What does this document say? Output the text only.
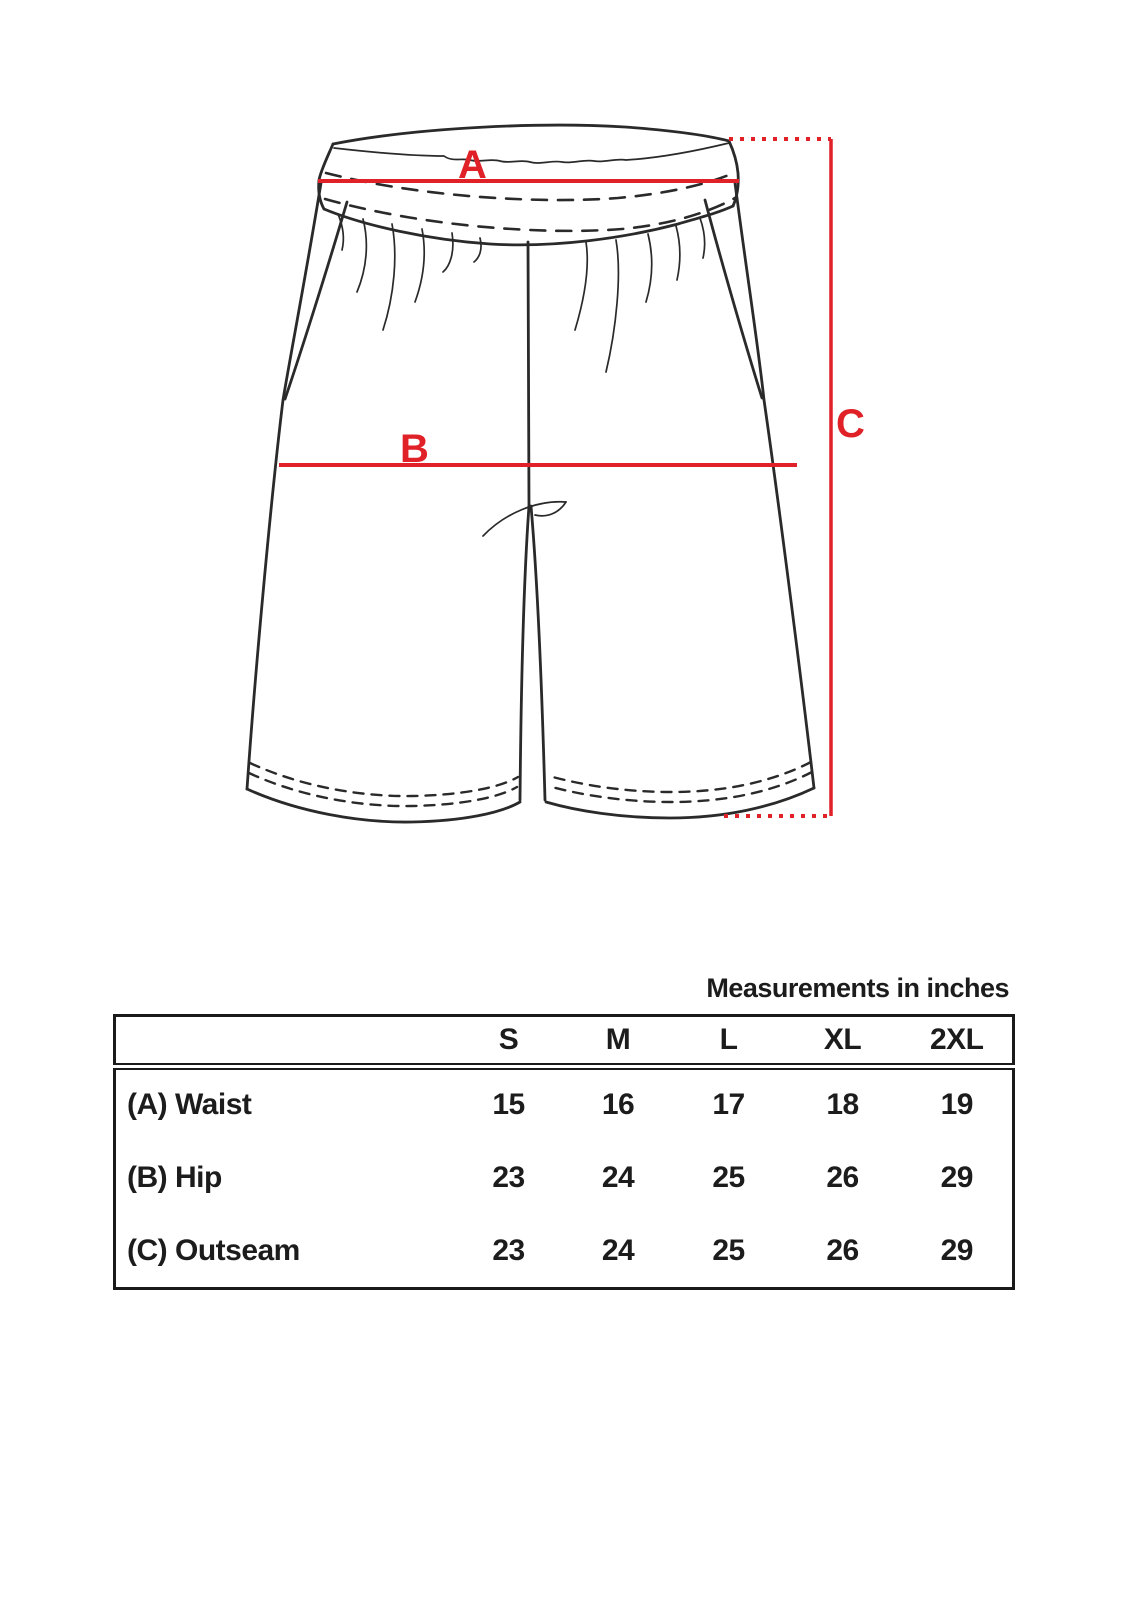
A
B
C
Measurements in inches
	S	M	L	XL	2XL
(A) Waist	15	16	17	18	19
(B) Hip	23	24	25	26	29
(C) Outseam	23	24	25	26	29
